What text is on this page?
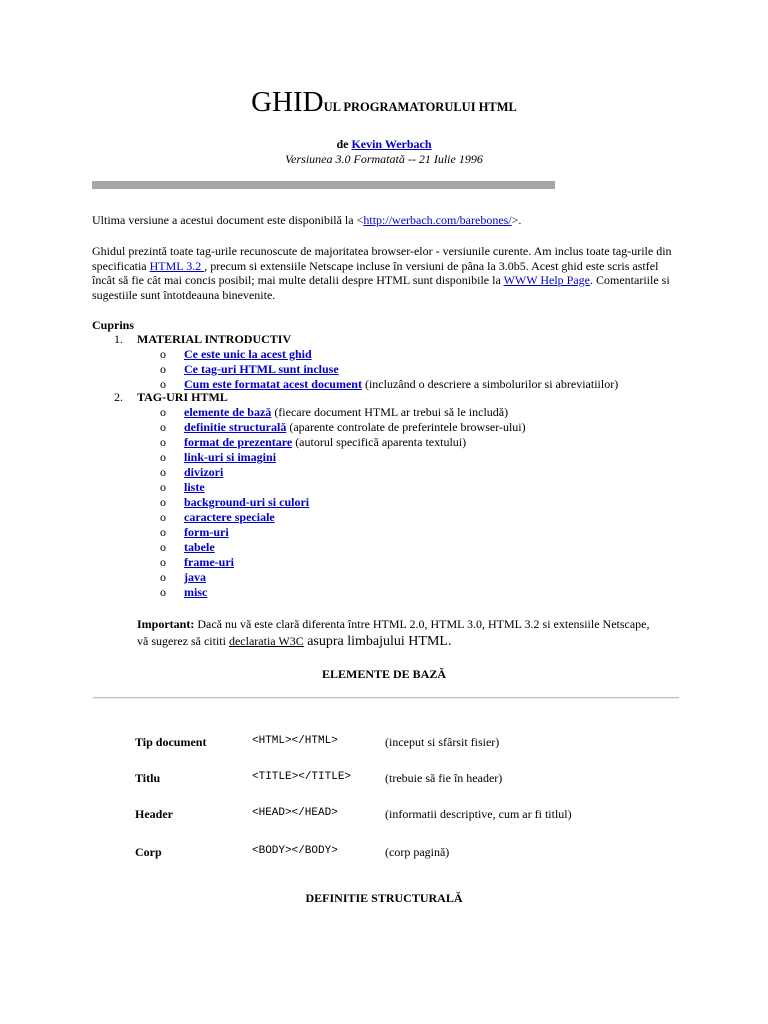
GHIDUL PROGRAMATORULUI HTML
de Kevin Werbach
Versiunea 3.0 Formatată -- 21 Iulie 1996
Ultima versiune a acestui document este disponibilă la <http://werbach.com/barebones/>.
Ghidul prezintă toate tag-urile recunoscute de majoritatea browser-elor - versiunile curente. Am inclus toate tag-urile din specificatia HTML 3.2 , precum si extensiile Netscape incluse în versiuni de pâna la 3.0b5. Acest ghid este scris astfel încât să fie cât mai concis posibil; mai multe detalii despre HTML sunt disponibile la WWW Help Page. Comentariile si sugestiile sunt întotdeauna binevenite.
Cuprins
1. MATERIAL INTRODUCTIV
o Ce este unic la acest ghid
o Ce tag-uri HTML sunt incluse
o Cum este formatat acest document (incluzând o descriere a simbolurilor si abreviatiilor)
2. TAG-URI HTML
o elemente de bază (fiecare document HTML ar trebui să le includă)
o definitie structurală (aparente controlate de preferintele browser-ului)
o format de prezentare (autorul specifică aparenta textului)
o link-uri si imagini
o divizori
o liste
o background-uri si culori
o caractere speciale
o form-uri
o tabele
o frame-uri
o java
o misc
Important: Dacă nu vă este clară diferenta între HTML 2.0, HTML 3.0, HTML 3.2 si extensiile Netscape, vă sugerez să cititi declaratia W3C asupra limbajului HTML.
ELEMENTE DE BAZĂ
Tip document	<HTML></HTML>	(inceput si sfârsit fisier)
Titlu	<TITLE></TITLE>	(trebuie să fie în header)
Header	<HEAD></HEAD>	(informatii descriptive, cum ar fi titlul)
Corp	<BODY></BODY>	(corp pagină)
DEFINITIE STRUCTURALĂ
